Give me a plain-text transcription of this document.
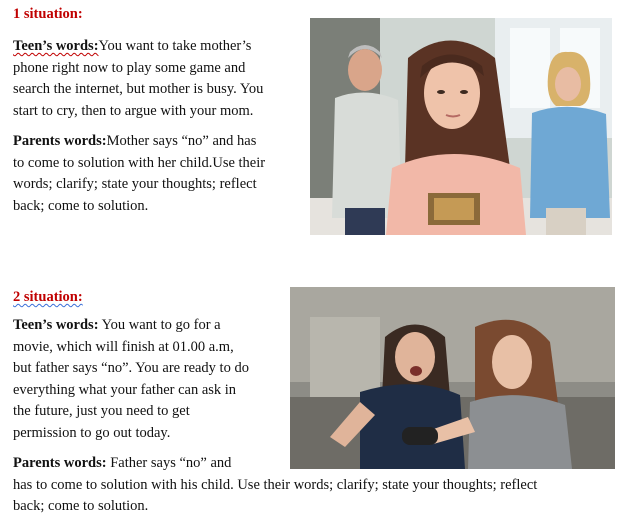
1 situation:
Teen’s words:You want to take mother’s
phone right now to play some game and
search the internet, but mother is busy. You
start to cry, then to argue with your mom.
Parents words:Mother says “no” and has
to come to solution with her child.Use their
words; clarify; state your thoughts; reflect
back; come to solution.
2 situation:
Teen’s words: You want to go for a
movie, which will finish at 01.00 a.m,
but father says “no”. You are ready to do
everything what your father can ask in
the future, just you need to get
permission to go out today.
Parents words: Father says “no” and
has to come to solution with his child. Use their words; clarify; state your thoughts; reflect
back; come to solution.
